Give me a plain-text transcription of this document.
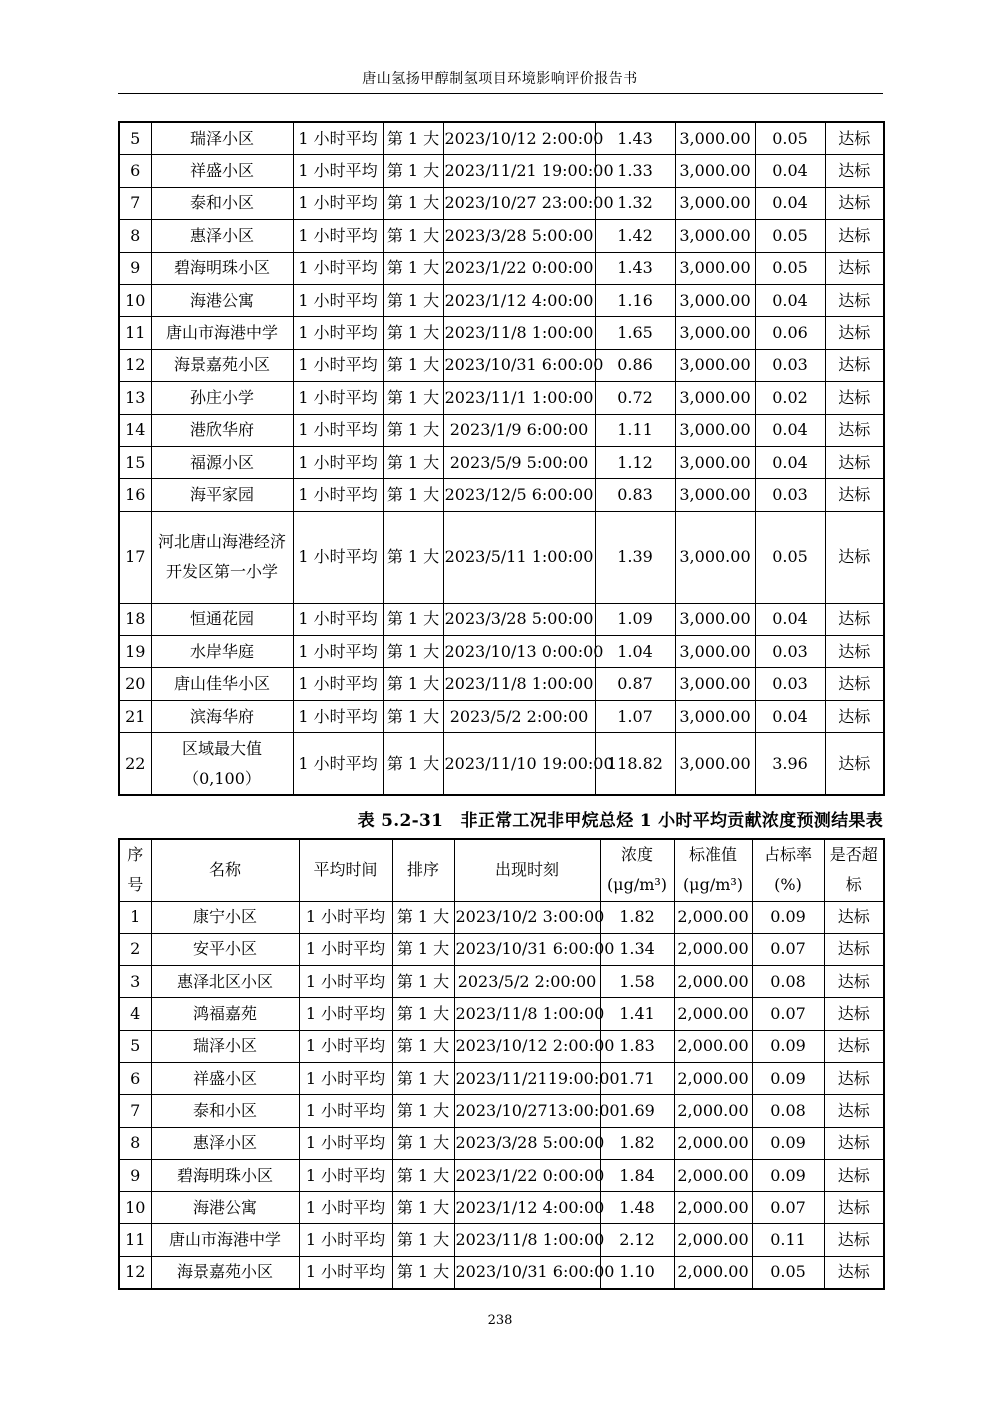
唐山氢扬甲醇制氢项目环境影响评价报告书
5	瑞泽小区	1 小时平均	第 1 大	2023/10/12 2:00:00	1.43	3,000.00	0.05	达标
6	祥盛小区	1 小时平均	第 1 大	2023/11/21 19:00:00	1.33	3,000.00	0.04	达标
7	泰和小区	1 小时平均	第 1 大	2023/10/27 23:00:00	1.32	3,000.00	0.04	达标
8	惠泽小区	1 小时平均	第 1 大	2023/3/28 5:00:00	1.42	3,000.00	0.05	达标
9	碧海明珠小区	1 小时平均	第 1 大	2023/1/22 0:00:00	1.43	3,000.00	0.05	达标
10	海港公寓	1 小时平均	第 1 大	2023/1/12 4:00:00	1.16	3,000.00	0.04	达标
11	唐山市海港中学	1 小时平均	第 1 大	2023/11/8 1:00:00	1.65	3,000.00	0.06	达标
12	海景嘉苑小区	1 小时平均	第 1 大	2023/10/31 6:00:00	0.86	3,000.00	0.03	达标
13	孙庄小学	1 小时平均	第 1 大	2023/11/1 1:00:00	0.72	3,000.00	0.02	达标
14	港欣华府	1 小时平均	第 1 大	2023/1/9 6:00:00	1.11	3,000.00	0.04	达标
15	福源小区	1 小时平均	第 1 大	2023/5/9 5:00:00	1.12	3,000.00	0.04	达标
16	海平家园	1 小时平均	第 1 大	2023/12/5 6:00:00	0.83	3,000.00	0.03	达标
17	河北唐山海港经济开发区第一小学	1 小时平均	第 1 大	2023/5/11 1:00:00	1.39	3,000.00	0.05	达标
18	恒通花园	1 小时平均	第 1 大	2023/3/28 5:00:00	1.09	3,000.00	0.04	达标
19	水岸华庭	1 小时平均	第 1 大	2023/10/13 0:00:00	1.04	3,000.00	0.03	达标
20	唐山佳华小区	1 小时平均	第 1 大	2023/11/8 1:00:00	0.87	3,000.00	0.03	达标
21	滨海华府	1 小时平均	第 1 大	2023/5/2 2:00:00	1.07	3,000.00	0.04	达标
22	区域最大值 （0,100）	1 小时平均	第 1 大	2023/11/10 19:00:00	118.82	3,000.00	3.96	达标
表 5.2-31　非正常工况非甲烷总烃 1 小时平均贡献浓度预测结果表
序号	名称	平均时间	排序	出现时刻	浓度 (μg/m³)	标准值 (μg/m³)	占标率 (%)	是否超标
1	康宁小区	1 小时平均	第 1 大	2023/10/2 3:00:00	1.82	2,000.00	0.09	达标
2	安平小区	1 小时平均	第 1 大	2023/10/31 6:00:00	1.34	2,000.00	0.07	达标
3	惠泽北区小区	1 小时平均	第 1 大	2023/5/2 2:00:00	1.58	2,000.00	0.08	达标
4	鸿福嘉苑	1 小时平均	第 1 大	2023/11/8 1:00:00	1.41	2,000.00	0.07	达标
5	瑞泽小区	1 小时平均	第 1 大	2023/10/12 2:00:00	1.83	2,000.00	0.09	达标
6	祥盛小区	1 小时平均	第 1 大	2023/11/2119:00:00	1.71	2,000.00	0.09	达标
7	泰和小区	1 小时平均	第 1 大	2023/10/2713:00:00	1.69	2,000.00	0.08	达标
8	惠泽小区	1 小时平均	第 1 大	2023/3/28 5:00:00	1.82	2,000.00	0.09	达标
9	碧海明珠小区	1 小时平均	第 1 大	2023/1/22 0:00:00	1.84	2,000.00	0.09	达标
10	海港公寓	1 小时平均	第 1 大	2023/1/12 4:00:00	1.48	2,000.00	0.07	达标
11	唐山市海港中学	1 小时平均	第 1 大	2023/11/8 1:00:00	2.12	2,000.00	0.11	达标
12	海景嘉苑小区	1 小时平均	第 1 大	2023/10/31 6:00:00	1.10	2,000.00	0.05	达标
238
